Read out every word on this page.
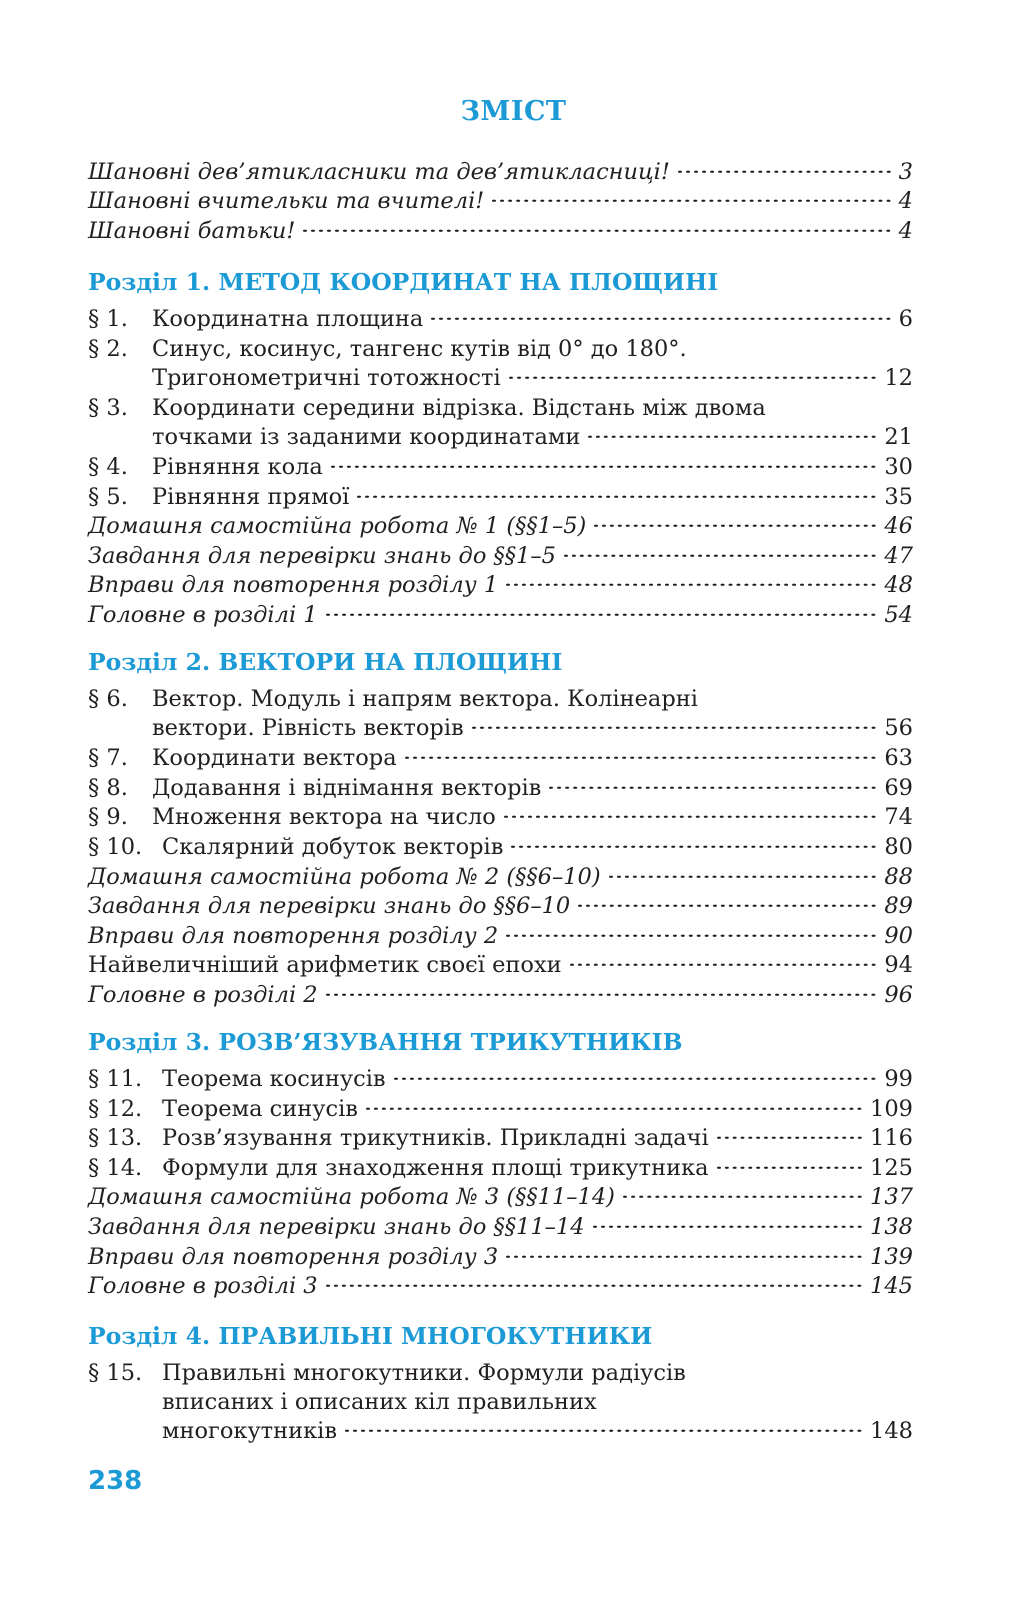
ЗМІСТ
Шановні дев’ятикласники та дев’ятикласниці!	3
Шановні вчительки та вчителі!	4
Шановні батьки!	4
Розділ 1. МЕТОД КООРДИНАТ НА ПЛОЩИНІ
§ 1.	Координатна площина	6
§ 2.	Синус, косинус, тангенс кутів від 0° до 180°.
Тригонометричні тотожності	12
§ 3.	Координати середини відрізка. Відстань між двома
точками із заданими координатами	21
§ 4.	Рівняння кола	30
§ 5.	Рівняння прямої	35
Домашня самостійна робота № 1 (§§1–5)	46
Завдання для перевірки знань до §§1–5	47
Вправи для повторення розділу 1	48
Головне в розділі 1	54
Розділ 2. ВЕКТОРИ НА ПЛОЩИНІ
§ 6.	Вектор. Модуль і напрям вектора. Колінеарні
вектори. Рівність векторів	56
§ 7.	Координати вектора	63
§ 8.	Додавання і віднімання векторів	69
§ 9.	Множення вектора на число	74
§ 10. Скалярний добуток векторів	80
Домашня самостійна робота № 2 (§§6–10)	88
Завдання для перевірки знань до §§6–10	89
Вправи для повторення розділу 2	90
Найвеличніший арифметик своєї епохи	94
Головне в розділі 2	96
Розділ 3. РОЗВ’ЯЗУВАННЯ ТРИКУТНИКІВ
§ 11. Теорема косинусів	99
§ 12. Теорема синусів	109
§ 13. Розв’язування трикутників. Прикладні задачі	116
§ 14. Формули для знаходження площі трикутника	125
Домашня самостійна робота № 3 (§§11–14)	137
Завдання для перевірки знань до §§11–14	138
Вправи для повторення розділу 3	139
Головне в розділі 3	145
Розділ 4. ПРАВИЛЬНІ МНОГОКУТНИКИ
§ 15. Правильні многокутники. Формули радіусів
вписаних і описаних кіл правильних
многокутників	148
238
